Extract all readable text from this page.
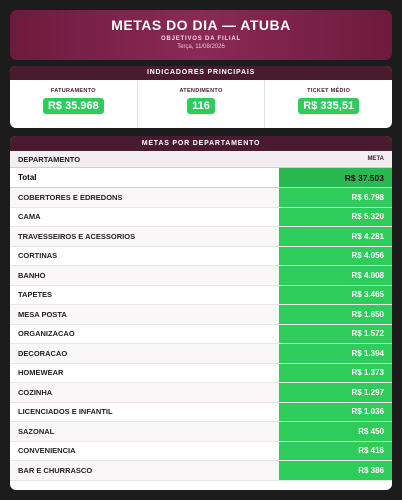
METAS DO DIA — ATUBA
OBJETIVOS DA FILIAL
Terça, 11/08/2026
INDICADORES PRINCIPAIS
FATURAMENTO
R$ 35.968
ATENDIMENTO
116
TICKET MÉDIO
R$ 335,51
METAS POR DEPARTAMENTO
DEPARTAMENTO	META
Total	R$ 37.503
COBERTORES E EDREDONS	R$ 6.798
CAMA	R$ 5.320
TRAVESSEIROS E ACESSORIOS	R$ 4.281
CORTINAS	R$ 4.056
BANHO	R$ 4.008
TAPETES	R$ 3.465
MESA POSTA	R$ 1.650
ORGANIZACAO	R$ 1.572
DECORACAO	R$ 1.394
HOMEWEAR	R$ 1.373
COZINHA	R$ 1.297
LICENCIADOS E INFANTIL	R$ 1.036
SAZONAL	R$ 450
CONVENIENCIA	R$ 416
BAR E CHURRASCO	R$ 386
